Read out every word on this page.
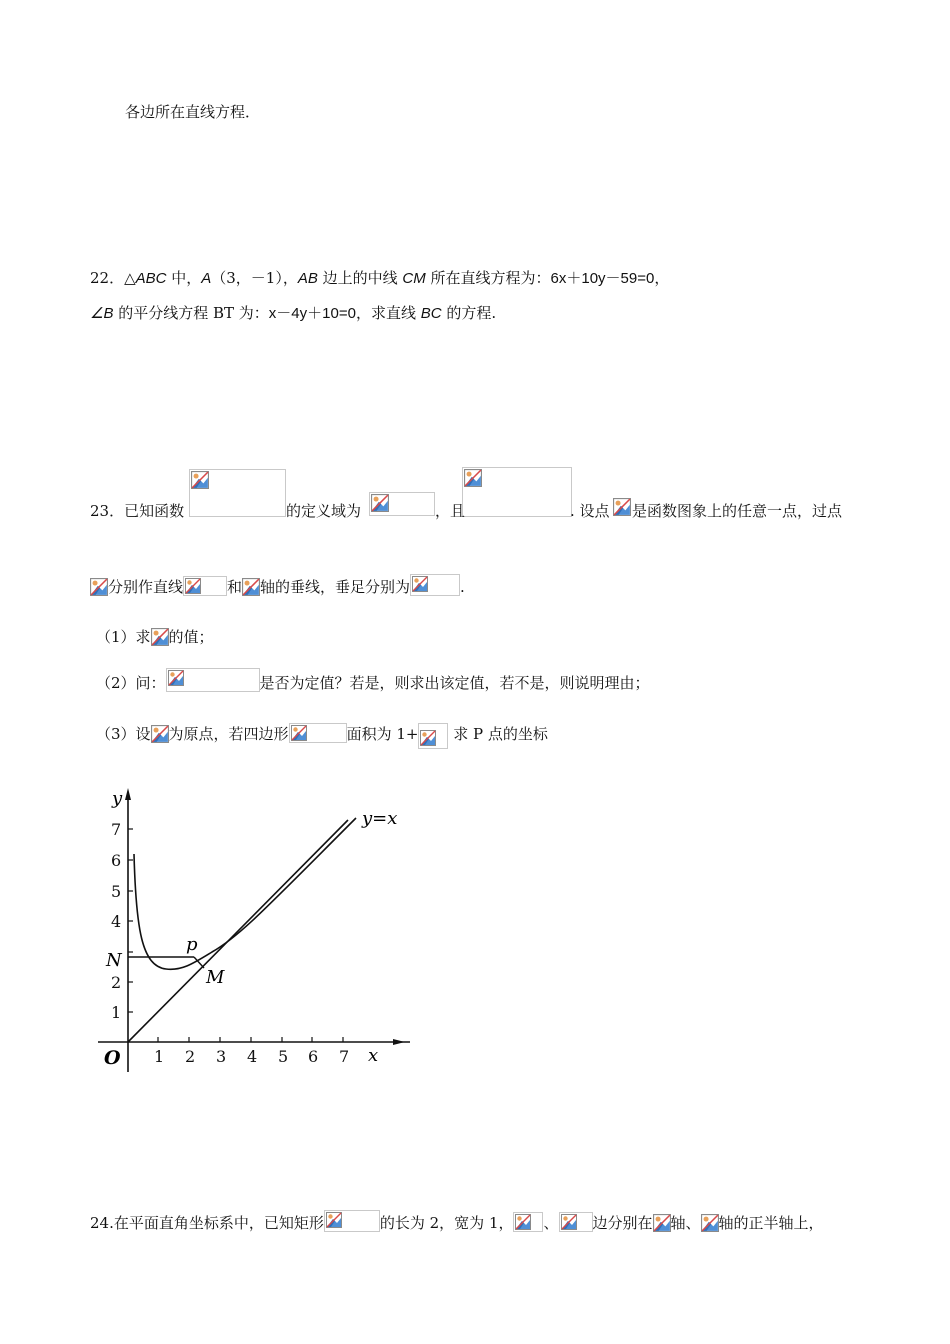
各边所在直线方程．
22．△ABC 中，A（3，－1），AB 边上的中线 CM 所在直线方程为：6x＋10y－59=0，
∠B 的平分线方程 BT 为：x－4y＋10=0，求直线 BC 的方程.
23．已知函数	的定义域为	，且	. 设点 是函数图象上的任意一点，过点
分别作直线	和 轴的垂线，垂足分别为	.
（1）求 的值；
（2）问：	是否为定值？若是，则求出该定值，若不是，则说明理由；
（3）设 为原点，若四边形	面积为 1+
求 P 点的坐标
1 2 3 4 5 6 7
1
2
4
5
6
7
y
x
O
N
p
M
y=x
24.在平面直角坐标系中，已知矩形	的长为 2，宽为 1， 、 边分别在 轴、 轴的正半轴上，
